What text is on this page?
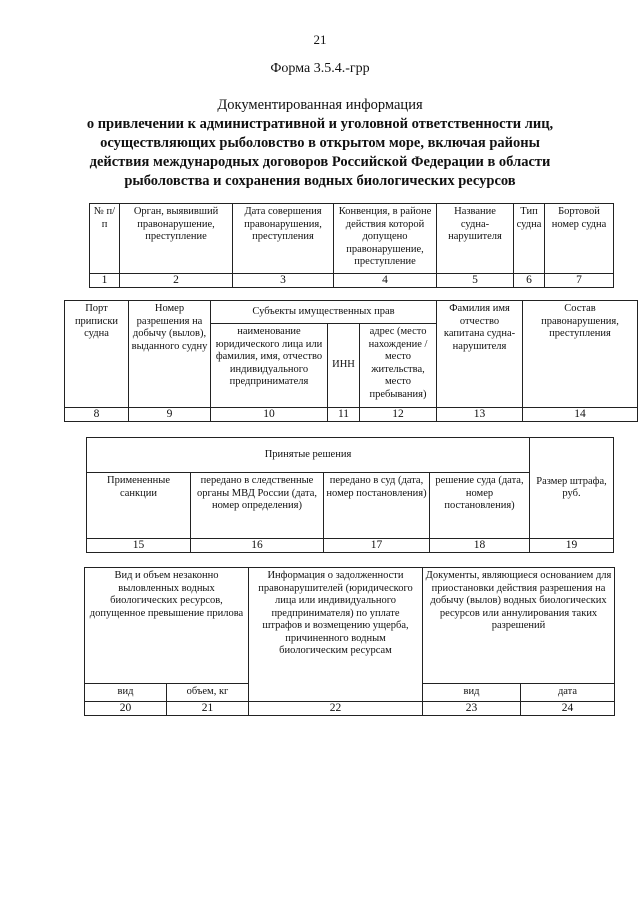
21
Форма 3.5.4.-грр
Документированная информация
о привлечении к административной и уголовной ответственности лиц,
осуществляющих рыболовство в открытом море, включая районы
действия международных договоров Российской Федерации в области
рыболовства и сохранения водных биологических ресурсов
№ п/п	Орган, выявивший правонарушение, преступление	Дата совершения правонарушения, преступления	Конвенция, в районе действия которой допущено правонарушение, преступление	Название судна-нарушителя	Тип судна	Бортовой номер судна
1	2	3	4	5	6	7
Порт приписки судна	Номер разрешения на добычу (вылов), выданного судну	Субъекты имущественных прав			Фамилия имя отчество капитана судна-нарушителя	Состав правонарушения, преступления
		наименование юридического лица или фамилия, имя, отчество индивидуального предпринимателя	ИНН	адрес (место нахождение / место жительства, место пребывания)		
8	9	10	11	12	13	14
Принятые решения				Размер штрафа, руб.
Примененные санкции	передано в следственные органы МВД России (дата, номер определения)	передано в суд (дата, номер постановления)	решение суда (дата, номер постановления)	
15	16	17	18	19
Вид и объем незаконно выловленных водных биологических ресурсов, допущенное превышение прилова		Информация о задолженности правонарушителей (юридического лица или индивидуального предпринимателя) по уплате штрафов и возмещению ущерба, причиненного водным биологическим ресурсам	Документы, являющиеся основанием для приостановки действия разрешения на добычу (вылов) водных биологических ресурсов или аннулирования таких разрешений	
вид	объем, кг		вид	дата
20	21	22	23	24
